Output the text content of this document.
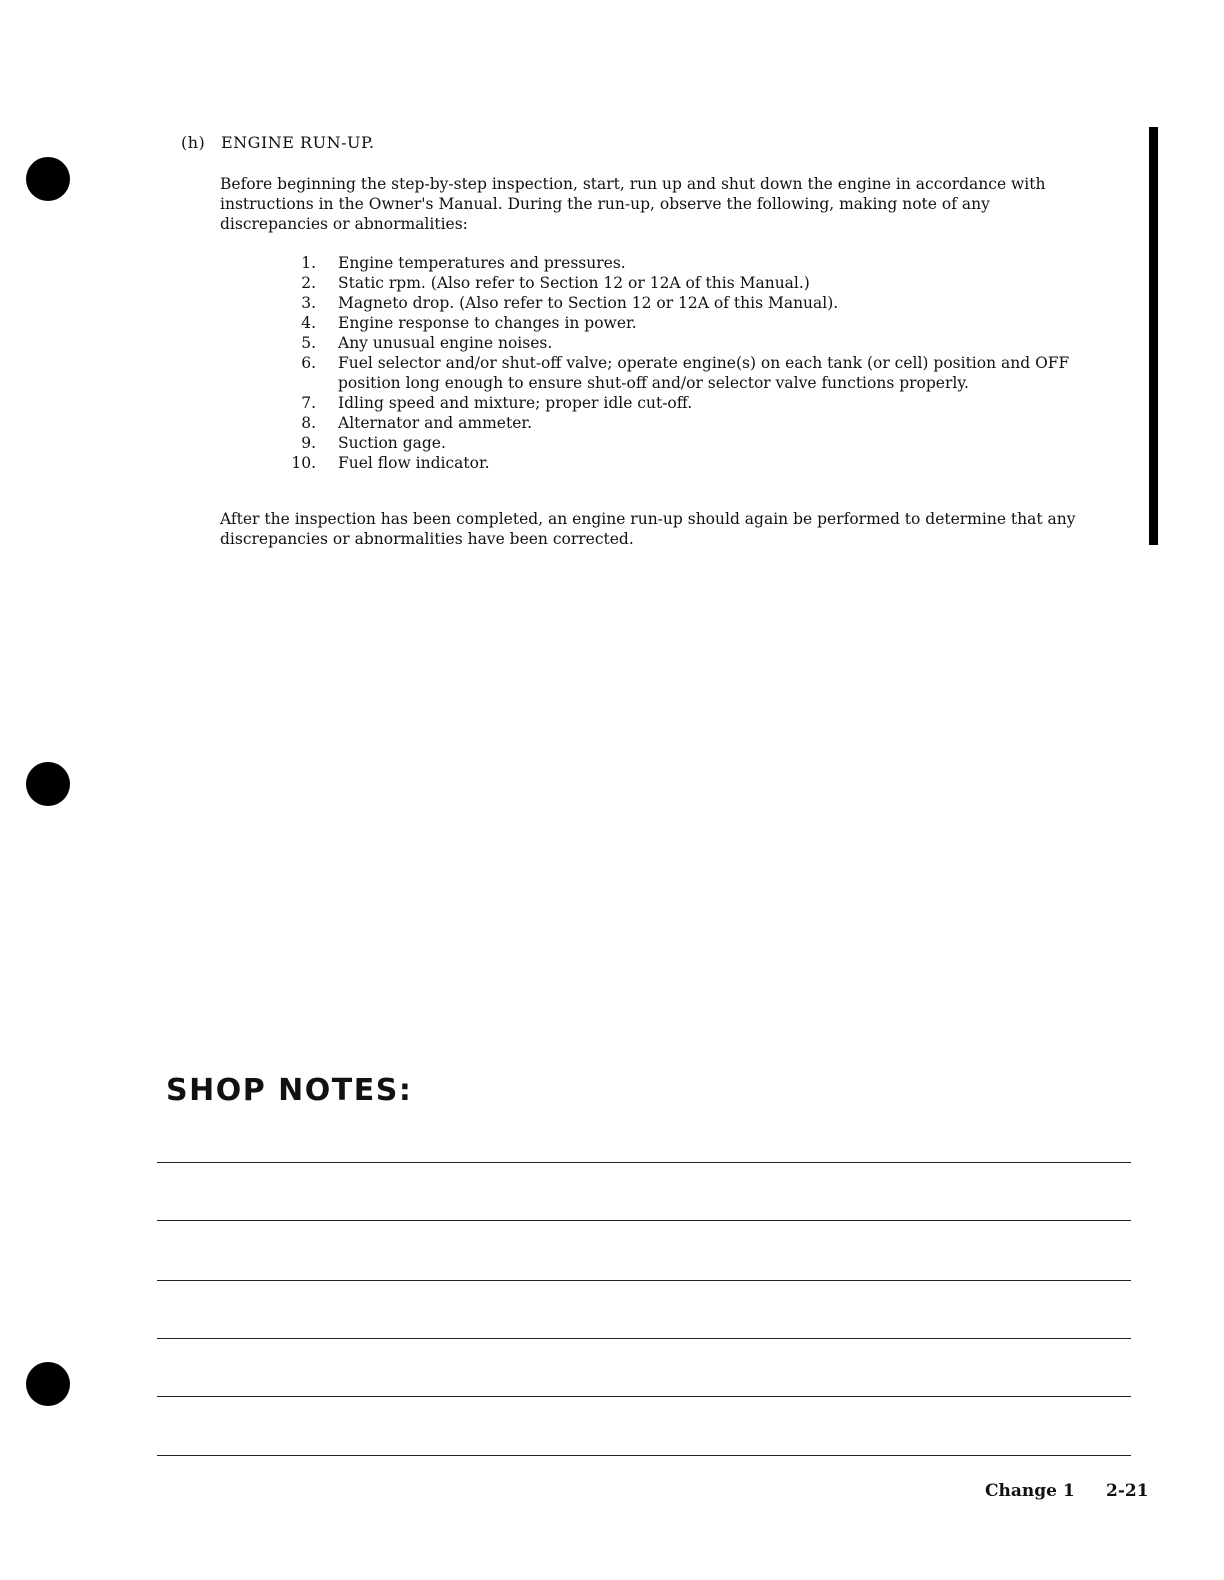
(h) ENGINE RUN-UP.
Before beginning the step-by-step inspection, start, run up and shut down the engine in accordance with instructions in the Owner's Manual. During the run-up, observe the following, making note of any discrepancies or abnormalities:
1. Engine temperatures and pressures.
2. Static rpm. (Also refer to Section 12 or 12A of this Manual.)
3. Magneto drop. (Also refer to Section 12 or 12A of this Manual).
4. Engine response to changes in power.
5. Any unusual engine noises.
6. Fuel selector and/or shut-off valve; operate engine(s) on each tank (or cell) position and OFF position long enough to ensure shut-off and/or selector valve functions properly.
7. Idling speed and mixture; proper idle cut-off.
8. Alternator and ammeter.
9. Suction gage.
10. Fuel flow indicator.
After the inspection has been completed, an engine run-up should again be performed to determine that any discrepancies or abnormalities have been corrected.
SHOP NOTES:
Change 1 2-21
